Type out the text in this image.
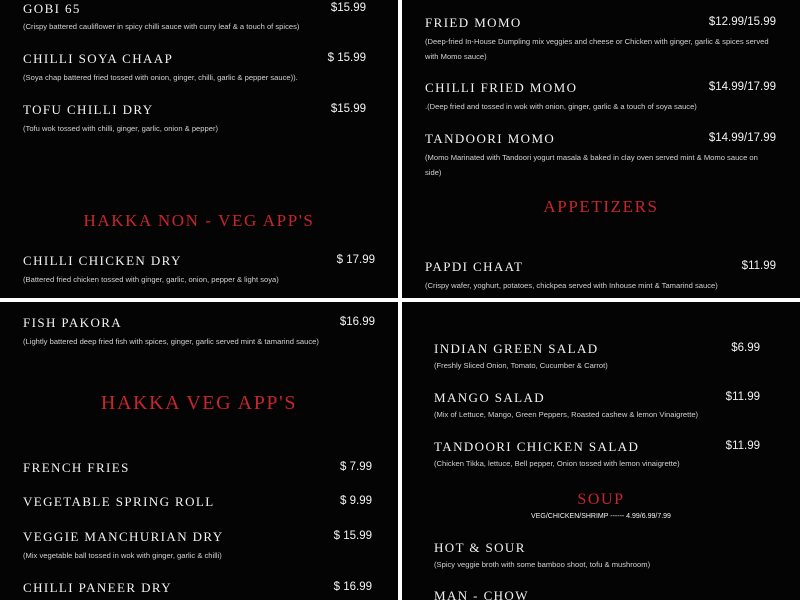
GOBI 65	$15.99
(Crispy battered cauliflower in spicy chilli sauce with curry leaf & a touch of spices)
CHILLI SOYA CHAAP	$ 15.99
(Soya chap battered fried tossed with onion, ginger, chilli, garlic & pepper sauce)).
TOFU CHILLI DRY	$15.99
(Tofu wok tossed with chilli, ginger, garlic, onion & pepper)
HAKKA NON - VEG APP'S
CHILLI CHICKEN DRY	$ 17.99
(Battered fried chicken tossed with ginger, garlic, onion, pepper & light soya)
FRIED MOMO	$12.99/15.99
(Deep-fried In-House Dumpling mix veggies and cheese or Chicken with ginger, garlic & spices served with Momo sauce)
CHILLI FRIED MOMO	$14.99/17.99
.(Deep fried and tossed in wok with onion, ginger, garlic & a touch of soya sauce)
TANDOORI MOMO	$14.99/17.99
(Momo Marinated with Tandoori yogurt masala & baked in clay oven served mint & Momo sauce on side)
APPETIZERS
PAPDI CHAAT	$11.99
(Crispy wafer, yoghurt, potatoes, chickpea served with Inhouse mint & Tamarind sauce)
FISH PAKORA	$16.99
(Lightly battered deep fried fish with spices, ginger, garlic served mint & tamarind sauce)
HAKKA VEG APP'S
FRENCH FRIES	$ 7.99
VEGETABLE SPRING ROLL	$ 9.99
VEGGIE MANCHURIAN DRY	$ 15.99
(Mix vegetable ball tossed in wok with ginger, garlic & chilli)
CHILLI PANEER DRY	$ 16.99
INDIAN GREEN SALAD	$6.99
(Freshly Sliced Onion, Tomato, Cucumber & Carrot)
MANGO SALAD	$11.99
(Mix of Lettuce, Mango, Green Peppers, Roasted cashew & lemon Vinaigrette)
TANDOORI CHICKEN SALAD	$11.99
(Chicken Tikka, lettuce, Bell pepper, Onion tossed with lemon vinaigrette)
SOUP
VEG/CHICKEN/SHRIMP ------ 4.99/6.99/7.99
HOT & SOUR
(Spicy veggie broth with some bamboo shoot, tofu & mushroom)
MAN - CHOW
